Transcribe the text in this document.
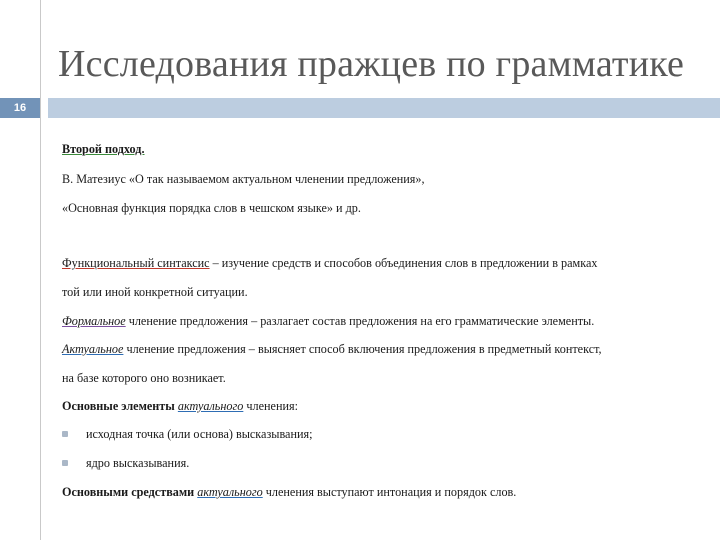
Исследования пражцев по грамматике
16
Второй подход.
В. Матезиус «О так называемом актуальном членении предложения»,
«Основная функция порядка слов в чешском языке» и др.
Функциональный синтаксис – изучение средств и способов объединения слов в предложении в рамках
той или иной конкретной ситуации.
Формальное членение предложения – разлагает состав предложения на его грамматические элементы.
Актуальное членение предложения – выясняет способ включения предложения в предметный контекст,
на базе которого оно возникает.
Основные элементы актуального членения:
исходная точка (или основа) высказывания;
ядро высказывания.
Основными средствами актуального членения выступают интонация и порядок слов.
